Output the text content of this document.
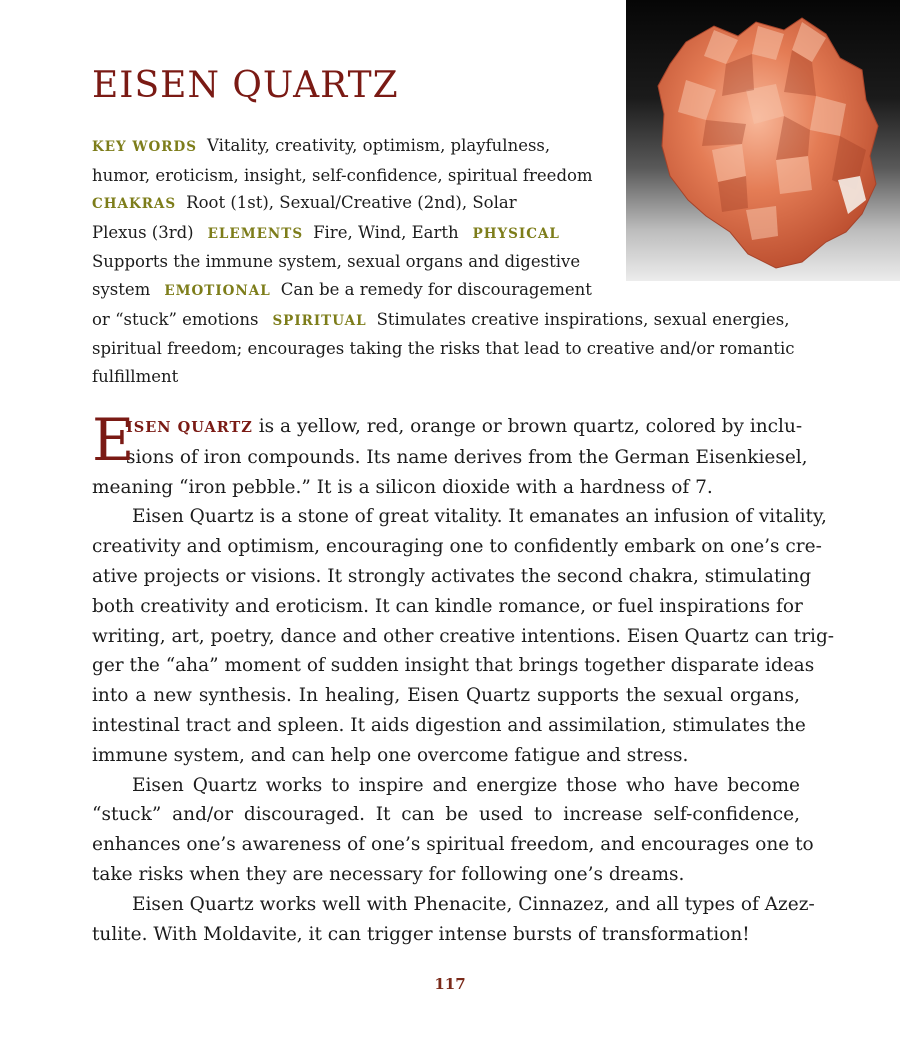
EISEN QUARTZ
KEY WORDS Vitality, creativity, optimism, playfulness,
humor, eroticism, insight, self-confidence, spiritual freedom
CHAKRAS Root (1st), Sexual/Creative (2nd), Solar
Plexus (3rd) ELEMENTS Fire, Wind, Earth PHYSICAL
Supports the immune system, sexual organs and digestive
system EMOTIONAL Can be a remedy for discouragement
or “stuck” emotions SPIRITUAL Stimulates creative inspirations, sexual energies,
spiritual freedom; encourages taking the risks that lead to creative and/or romantic
fulfillment
E
ISEN QUARTZ is a yellow, red, orange or brown quartz, colored by inclu-
sions of iron compounds. Its name derives from the German Eisenkiesel,
meaning “iron pebble.” It is a silicon dioxide with a hardness of 7.
Eisen Quartz is a stone of great vitality. It emanates an infusion of vitality,
creativity and optimism, encouraging one to confidently embark on one’s cre-
ative projects or visions. It strongly activates the second chakra, stimulating
both creativity and eroticism. It can kindle romance, or fuel inspirations for
writing, art, poetry, dance and other creative intentions. Eisen Quartz can trig-
ger the “aha” moment of sudden insight that brings together disparate ideas
into a new synthesis. In healing, Eisen Quartz supports the sexual organs,
intestinal tract and spleen. It aids digestion and assimilation, stimulates the
immune system, and can help one overcome fatigue and stress.
Eisen Quartz works to inspire and energize those who have become
“stuck” and/or discouraged. It can be used to increase self-confidence,
enhances one’s awareness of one’s spiritual freedom, and encourages one to
take risks when they are necessary for following one’s dreams.
Eisen Quartz works well with Phenacite, Cinnazez, and all types of Azez-
tulite. With Moldavite, it can trigger intense bursts of transformation!
117
